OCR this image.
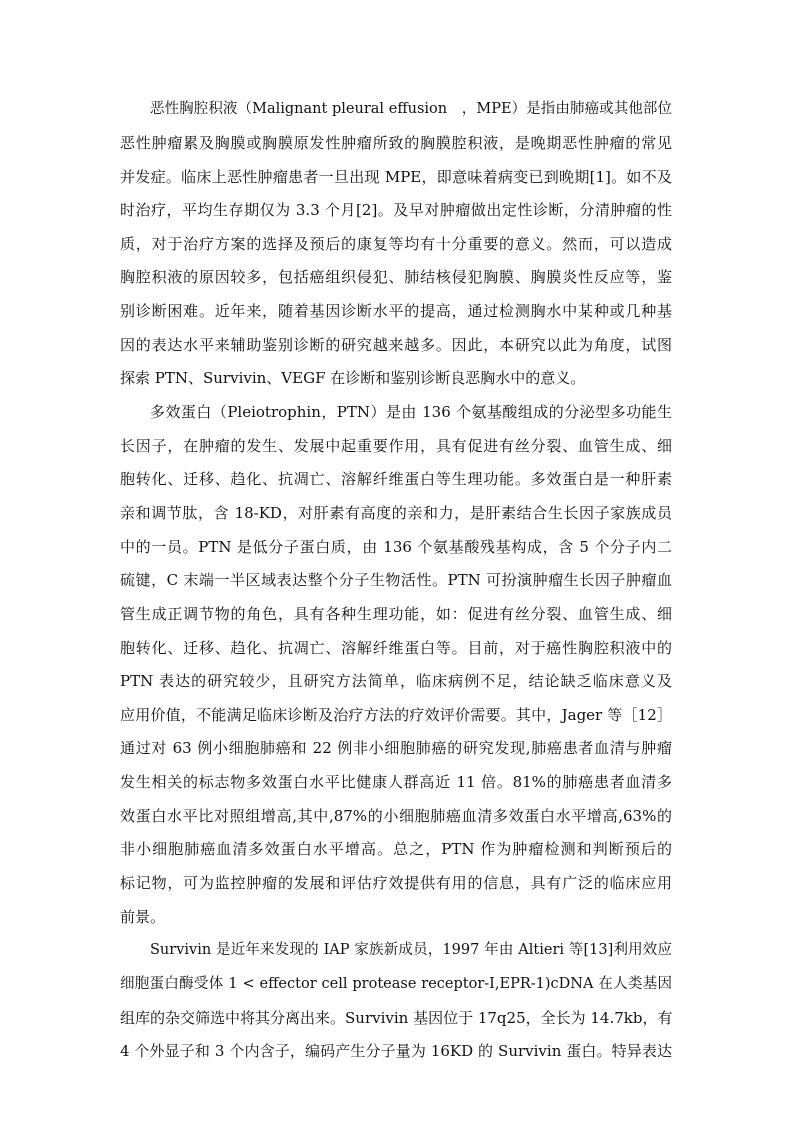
恶性胸腔积液（Malignant pleural effusion　，MPE）是指由肺癌或其他部位
恶性肿瘤累及胸膜或胸膜原发性肿瘤所致的胸膜腔积液，是晚期恶性肿瘤的常见
并发症。临床上恶性肿瘤患者一旦出现 MPE，即意味着病变已到晚期[1]。如不及
时治疗，平均生存期仅为 3.3 个月[2]。及早对肿瘤做出定性诊断，分清肿瘤的性
质，对于治疗方案的选择及预后的康复等均有十分重要的意义。然而，可以造成
胸腔积液的原因较多，包括癌组织侵犯、肺结核侵犯胸膜、胸膜炎性反应等，鉴
别诊断困难。近年来，随着基因诊断水平的提高，通过检测胸水中某种或几种基
因的表达水平来辅助鉴别诊断的研究越来越多。因此，本研究以此为角度，试图
探索 PTN、Survivin、VEGF 在诊断和鉴别诊断良恶胸水中的意义。
多效蛋白（Pleiotrophin，PTN）是由 136 个氨基酸组成的分泌型多功能生
长因子，在肿瘤的发生、发展中起重要作用，具有促进有丝分裂、血管生成、细
胞转化、迁移、趋化、抗凋亡、溶解纤维蛋白等生理功能。多效蛋白是一种肝素
亲和调节肽，含 18-KD，对肝素有高度的亲和力，是肝素结合生长因子家族成员
中的一员。PTN 是低分子蛋白质，由 136 个氨基酸残基构成，含 5 个分子内二
硫键，C 末端一半区域表达整个分子生物活性。PTN 可扮演肿瘤生长因子肿瘤血
管生成正调节物的角色，具有各种生理功能，如：促进有丝分裂、血管生成、细
胞转化、迁移、趋化、抗凋亡、溶解纤维蛋白等。目前，对于癌性胸腔积液中的
PTN 表达的研究较少，且研究方法简单，临床病例不足，结论缺乏临床意义及
应用价值，不能满足临床诊断及治疗方法的疗效评价需要。其中，Jager 等［12］
通过对 63 例小细胞肺癌和 22 例非小细胞肺癌的研究发现,肺癌患者血清与肿瘤
发生相关的标志物多效蛋白水平比健康人群高近 11 倍。81%的肺癌患者血清多
效蛋白水平比对照组增高,其中,87%的小细胞肺癌血清多效蛋白水平增高,63%的
非小细胞肺癌血清多效蛋白水平增高。总之，PTN 作为肿瘤检测和判断预后的
标记物，可为监控肿瘤的发展和评估疗效提供有用的信息，具有广泛的临床应用
前景。
Survivin 是近年来发现的 IAP 家族新成员，1997 年由 Altieri 等[13]利用效应
细胞蛋白酶受体 1 < effector cell protease receptor-I,EPR-1)cDNA 在人类基因
组库的杂交筛选中将其分离出来。Survivin 基因位于 17q25，全长为 14.7kb，有
4 个外显子和 3 个内含子，编码产生分子量为 16KD 的 Survivin 蛋白。特异表达
